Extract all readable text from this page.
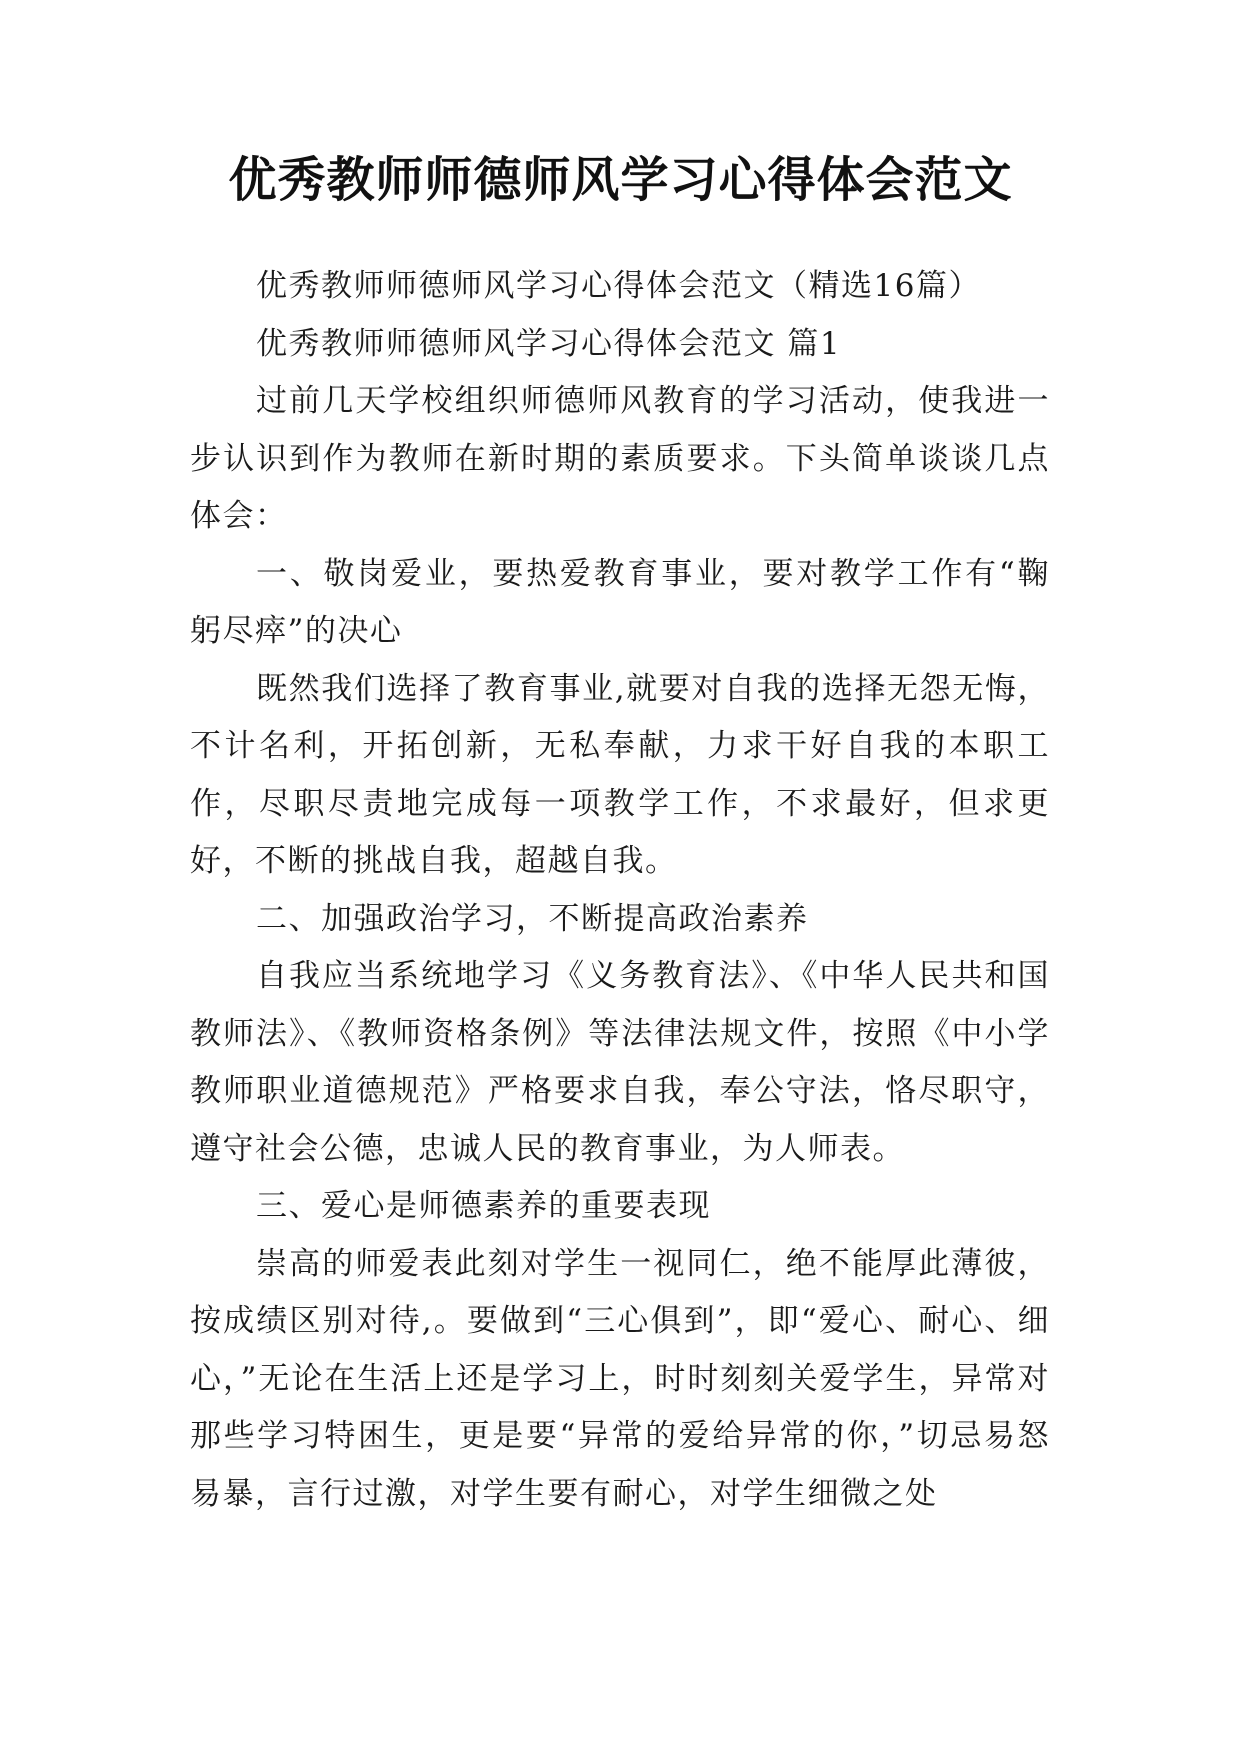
优秀教师师德师风学习心得体会范文

优秀教师师德师风学习心得体会范文（精选16篇）

优秀教师师德师风学习心得体会范文 篇1

过前几天学校组织师德师风教育的学习活动，使我进一步认识到作为教师在新时期的素质要求。下头简单谈谈几点体会：

一、敬岗爱业，要热爱教育事业，要对教学工作有“鞠躬尽瘁”的决心

既然我们选择了教育事业,就要对自我的选择无怨无悔，不计名利，开拓创新，无私奉献，力求干好自我的本职工作，尽职尽责地完成每一项教学工作，不求最好，但求更好，不断的挑战自我，超越自我。

二、加强政治学习，不断提高政治素养

自我应当系统地学习《义务教育法》、《中华人民共和国教师法》、《教师资格条例》等法律法规文件，按照《中小学教师职业道德规范》严格要求自我，奉公守法，恪尽职守，遵守社会公德，忠诚人民的教育事业，为人师表。

三、爱心是师德素养的重要表现

崇高的师爱表此刻对学生一视同仁，绝不能厚此薄彼，按成绩区别对待,。要做到“三心俱到”，即“爱心、耐心、细心，”无论在生活上还是学习上，时时刻刻关爱学生，异常对那些学习特困生，更是要“异常的爱给异常的你，”切忌易怒易暴，言行过激，对学生要有耐心，对学生细微之处
